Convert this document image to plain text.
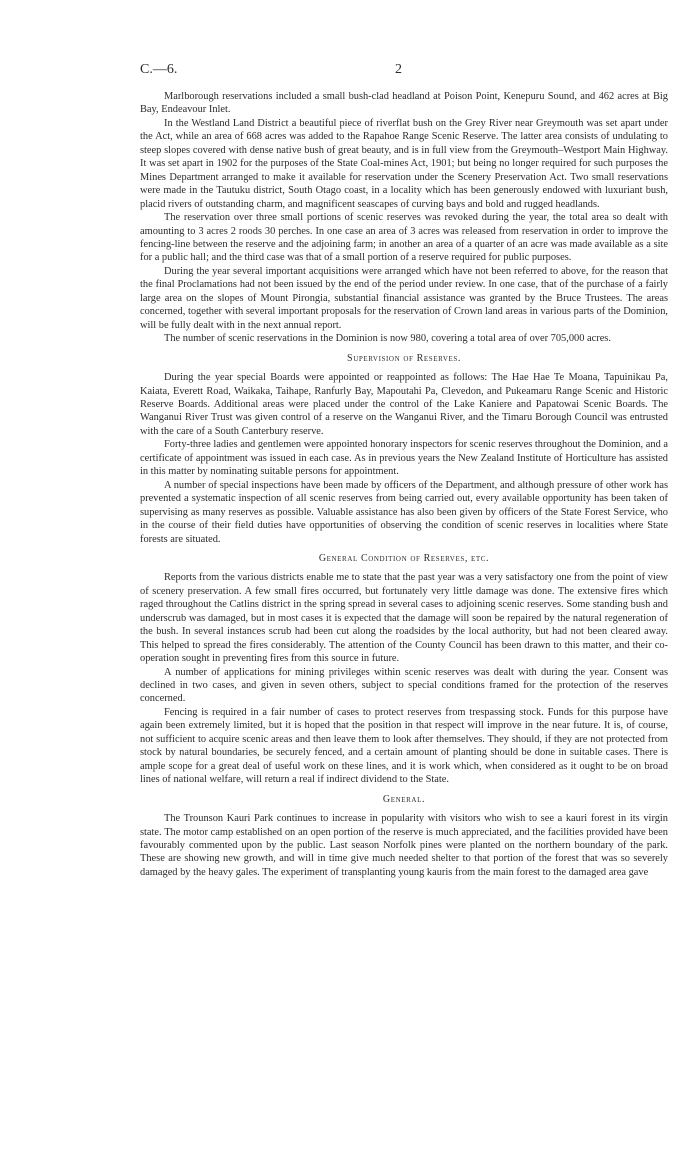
C.—6.	2

Marlborough reservations included a small bush-clad headland at Poison Point, Kenepuru Sound, and 462 acres at Big Bay, Endeavour Inlet.

In the Westland Land District a beautiful piece of riverflat bush on the Grey River near Greymouth was set apart under the Act, while an area of 668 acres was added to the Rapahoe Range Scenic Reserve. The latter area consists of undulating to steep slopes covered with dense native bush of great beauty, and is in full view from the Greymouth–Westport Main Highway. It was set apart in 1902 for the purposes of the State Coal-mines Act, 1901; but being no longer required for such purposes the Mines Department arranged to make it available for reservation under the Scenery Preservation Act. Two small reservations were made in the Tautuku district, South Otago coast, in a locality which has been generously endowed with luxuriant bush, placid rivers of outstanding charm, and magnificent seascapes of curving bays and bold and rugged headlands.

The reservation over three small portions of scenic reserves was revoked during the year, the total area so dealt with amounting to 3 acres 2 roods 30 perches. In one case an area of 3 acres was released from reservation in order to improve the fencing-line between the reserve and the adjoining farm; in another an area of a quarter of an acre was made available as a site for a public hall; and the third case was that of a small portion of a reserve required for public purposes.

During the year several important acquisitions were arranged which have not been referred to above, for the reason that the final Proclamations had not been issued by the end of the period under review. In one case, that of the purchase of a fairly large area on the slopes of Mount Pirongia, substantial financial assistance was granted by the Bruce Trustees. The areas concerned, together with several important proposals for the reservation of Crown land areas in various parts of the Dominion, will be fully dealt with in the next annual report.

The number of scenic reservations in the Dominion is now 980, covering a total area of over 705,000 acres.

Supervision of Reserves.

During the year special Boards were appointed or reappointed as follows: The Hae Hae Te Moana, Tapuinikau Pa, Kaiata, Everett Road, Waikaka, Taihape, Ranfurly Bay, Mapoutahi Pa, Clevedon, and Pukeamaru Range Scenic and Historic Reserve Boards. Additional areas were placed under the control of the Lake Kaniere and Papatowai Scenic Boards. The Wanganui River Trust was given control of a reserve on the Wanganui River, and the Timaru Borough Council was entrusted with the care of a South Canterbury reserve.

Forty-three ladies and gentlemen were appointed honorary inspectors for scenic reserves throughout the Dominion, and a certificate of appointment was issued in each case. As in previous years the New Zealand Institute of Horticulture has assisted in this matter by nominating suitable persons for appointment.

A number of special inspections have been made by officers of the Department, and although pressure of other work has prevented a systematic inspection of all scenic reserves from being carried out, every available opportunity has been taken of supervising as many reserves as possible. Valuable assistance has also been given by officers of the State Forest Service, who in the course of their field duties have opportunities of observing the condition of scenic reserves in localities where State forests are situated.

General Condition of Reserves, etc.

Reports from the various districts enable me to state that the past year was a very satisfactory one from the point of view of scenery preservation. A few small fires occurred, but fortunately very little damage was done. The extensive fires which raged throughout the Catlins district in the spring spread in several cases to adjoining scenic reserves. Some standing bush and underscrub was damaged, but in most cases it is expected that the damage will soon be repaired by the natural regeneration of the bush. In several instances scrub had been cut along the roadsides by the local authority, but had not been cleared away. This helped to spread the fires considerably. The attention of the County Council has been drawn to this matter, and their co-operation sought in preventing fires from this source in future.

A number of applications for mining privileges within scenic reserves was dealt with during the year. Consent was declined in two cases, and given in seven others, subject to special conditions framed for the protection of the reserves concerned.

Fencing is required in a fair number of cases to protect reserves from trespassing stock. Funds for this purpose have again been extremely limited, but it is hoped that the position in that respect will improve in the near future. It is, of course, not sufficient to acquire scenic areas and then leave them to look after themselves. They should, if they are not protected from stock by natural boundaries, be securely fenced, and a certain amount of planting should be done in suitable cases. There is ample scope for a great deal of useful work on these lines, and it is work which, when considered as it ought to be on broad lines of national welfare, will return a real if indirect dividend to the State.

General.

The Trounson Kauri Park continues to increase in popularity with visitors who wish to see a kauri forest in its virgin state. The motor camp established on an open portion of the reserve is much appreciated, and the facilities provided have been favourably commented upon by the public. Last season Norfolk pines were planted on the northern boundary of the park. These are showing new growth, and will in time give much needed shelter to that portion of the forest that was so severely damaged by the heavy gales. The experiment of transplanting young kauris from the main forest to the damaged area gave
